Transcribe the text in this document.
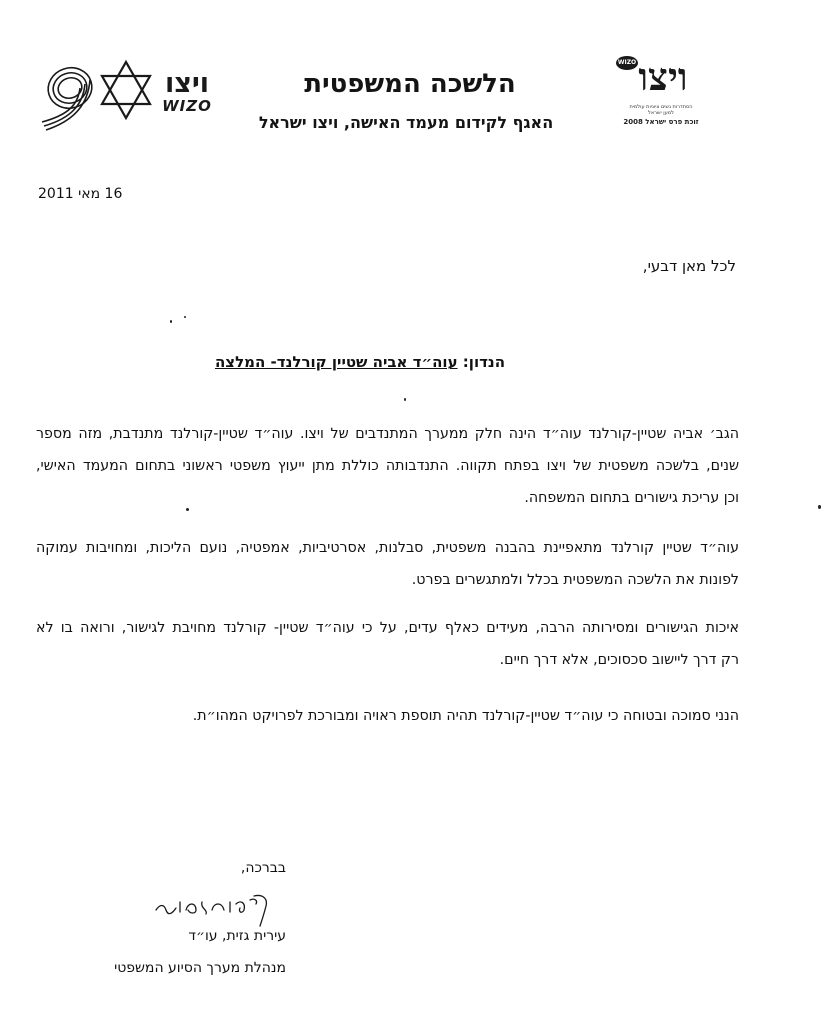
ויצו
WIZO
הלשכה המשפטית
האגף לקידום מעמד האישה, ויצו ישראל
ויצו
WIZO
הסתדרות נשים ציוניות עולמית
למען ישראל
זוכת פרס ישראל 2008
16 מאי 2011
לכל מאן דבעי,
הנדון: עוה״ד אביה שטיין קורלנד- המלצה
הגב׳ אביה שטיין-קורלנד עוה״ד הינה חלק ממערך המתנדבים של ויצו. עוה״ד שטיין-קורלנד מתנדבת, מזה מספר
שנים, בלשכה משפטית של ויצו בפתח תקווה. התנדבותה כוללת מתן ייעוץ משפטי ראשוני בתחום המעמד האישי,
וכן עריכת גישורים בתחום המשפחה.
עוה״ד שטיין קורלנד מתאפיינת בהבנה משפטית, סבלנות, אסרטיביות, אמפטיה, נועם הליכות, ומחויבות עמוקה
לפונות את הלשכה המשפטית בכלל ולמתגשרים בפרט.
איכות הגישורים ומסירותה הרבה, מעידים כאלף עדים, על כי עוה״ד שטיין- קורלנד מחויבת לגישור, ורואה בו לא
רק דרך ליישוב סכסוכים, אלא דרך חיים.
הנני סמוכה ובטוחה כי עוה״ד שטיין-קורלנד תהיה תוספת ראויה ומבורכת לפרויקט המהו״ת.
בברכה,
עירית גזית, עו״ד
מנהלת מערך הסיוע המשפטי
